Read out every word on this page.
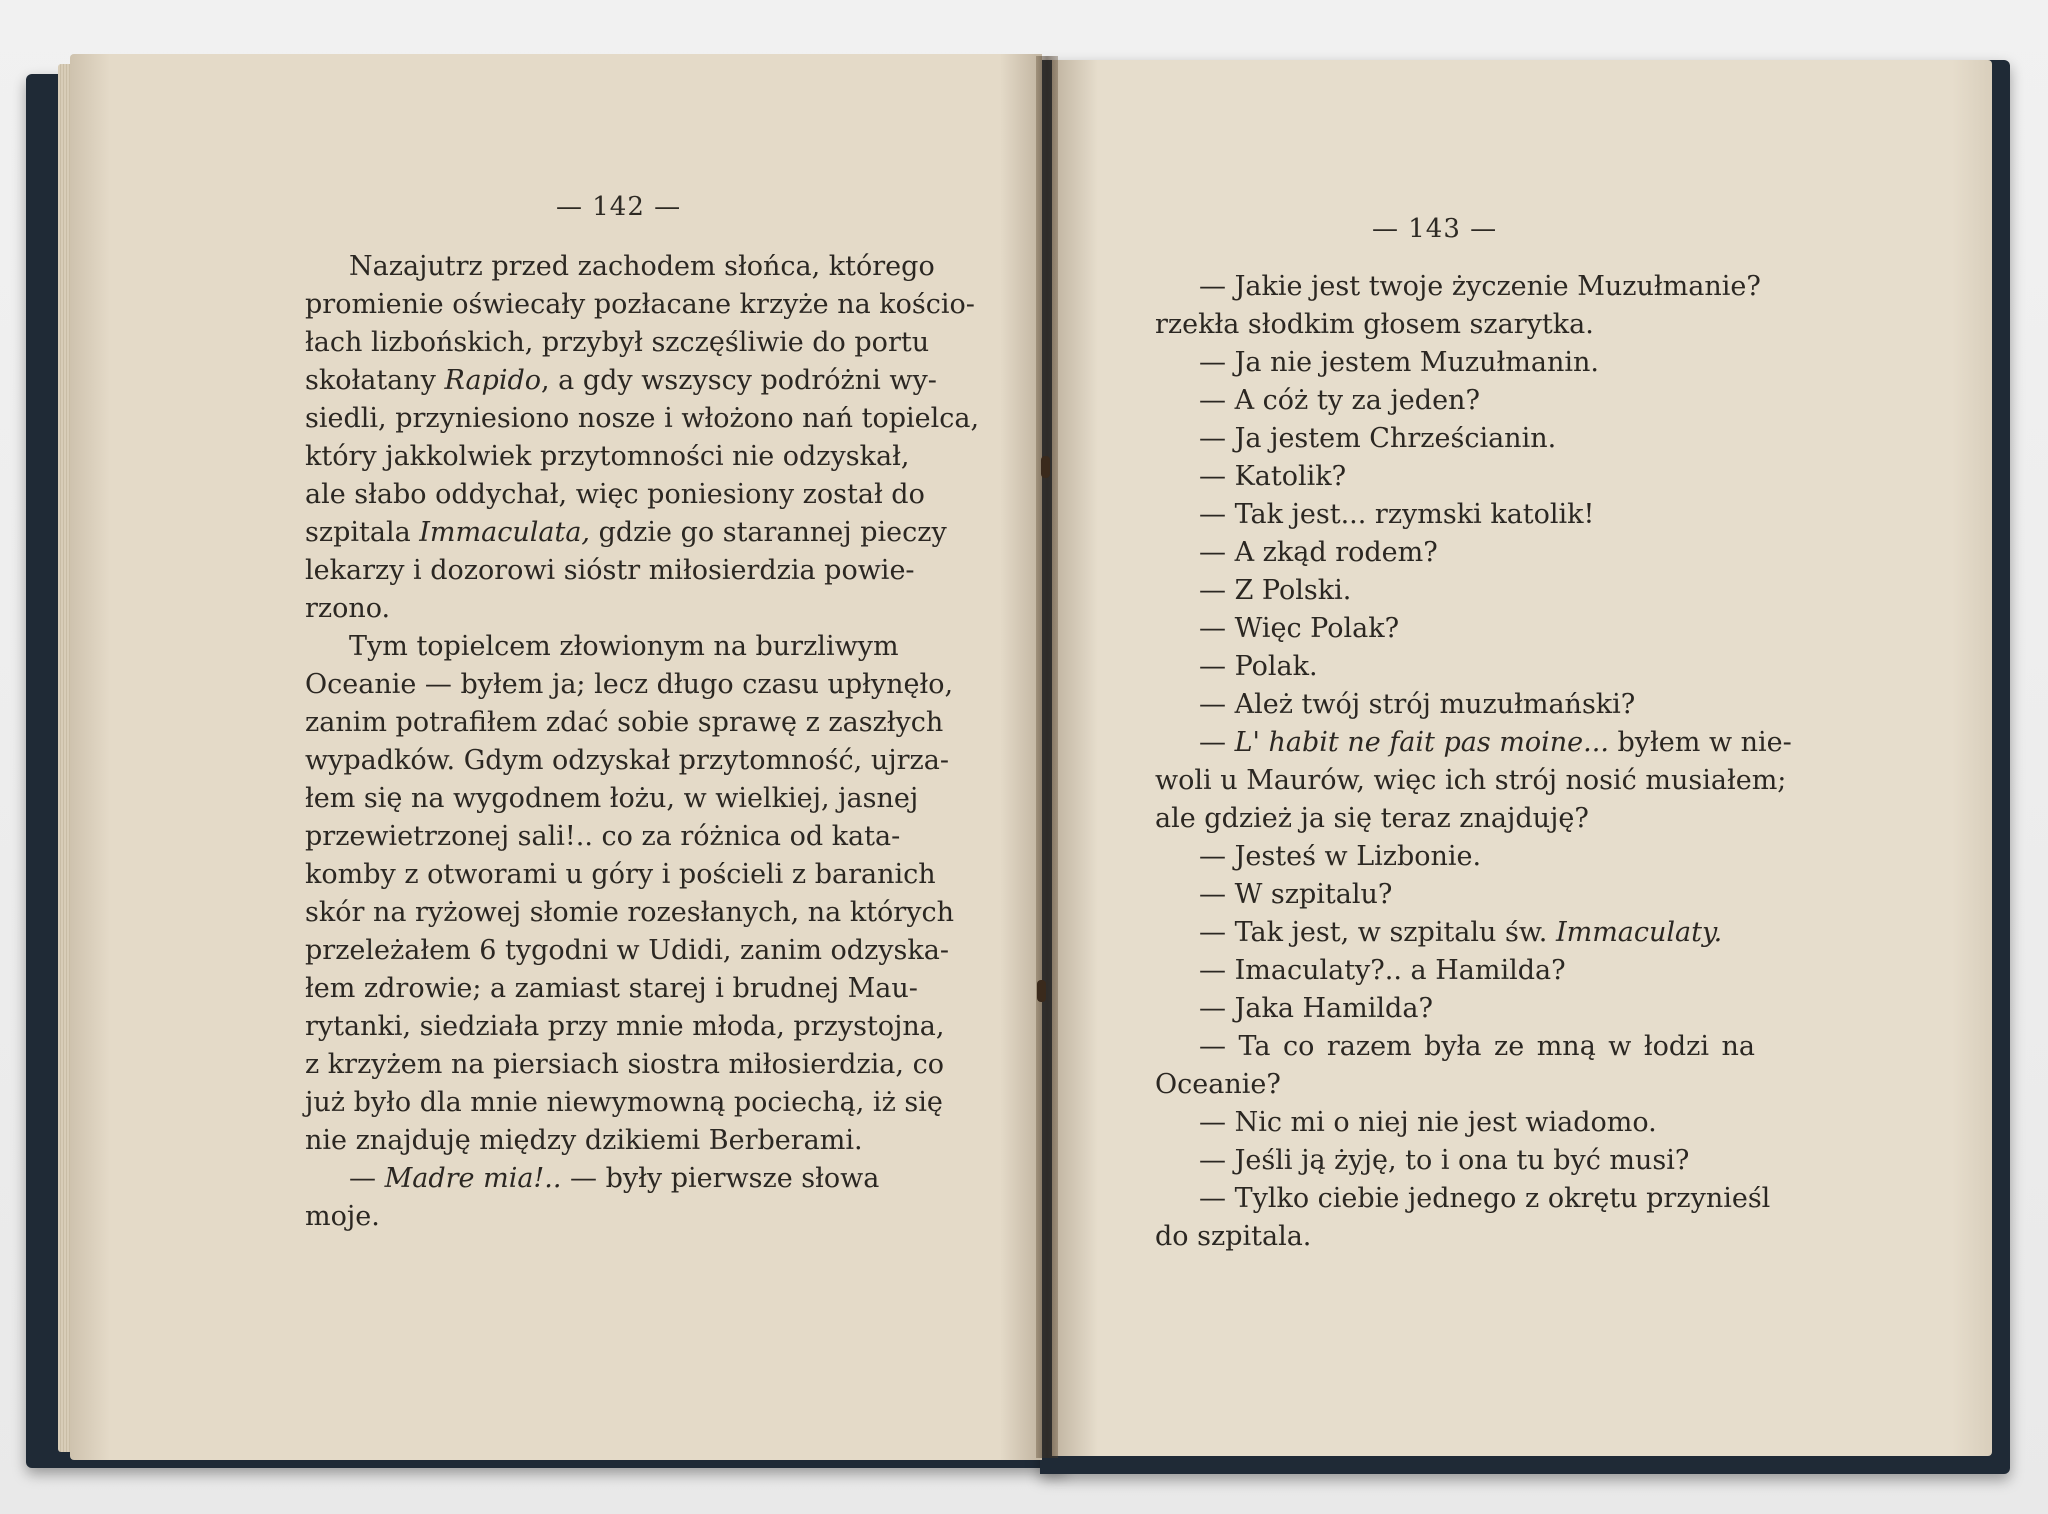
— 142 —
Nazajutrz przed zachodem słońca, którego
promienie oświecały pozłacane krzyże na kościo-
łach lizbońskich, przybył szczęśliwie do portu
skołatany Rapido, a gdy wszyscy podróżni wy-
siedli, przyniesiono nosze i włożono nań topielca,
który jakkolwiek przytomności nie odzyskał,
ale słabo oddychał, więc poniesiony został do
szpitala Immaculata, gdzie go starannej pieczy
lekarzy i dozorowi sióstr miłosierdzia powie-
rzono.
Tym topielcem złowionym na burzliwym
Oceanie — byłem ja; lecz długo czasu upłynęło,
zanim potrafiłem zdać sobie sprawę z zaszłych
wypadków. Gdym odzyskał przytomność, ujrza-
łem się na wygodnem łożu, w wielkiej, jasnej
przewietrzonej sali!.. co za różnica od kata-
komby z otworami u góry i pościeli z baranich
skór na ryżowej słomie rozesłanych, na których
przeleżałem 6 tygodni w Udidi, zanim odzyska-
łem zdrowie; a zamiast starej i brudnej Mau-
rytanki, siedziała przy mnie młoda, przystojna,
z krzyżem na piersiach siostra miłosierdzia, co
już było dla mnie niewymowną pociechą, iż się
nie znajduję między dzikiemi Berberami.
— Madre mia!.. — były pierwsze słowa
moje.
— 143 —
— Jakie jest twoje życzenie Muzułmanie?
rzekła słodkim głosem szarytka.
— Ja nie jestem Muzułmanin.
— A cóż ty za jeden?
— Ja jestem Chrześcianin.
— Katolik?
— Tak jest... rzymski katolik!
— A zkąd rodem?
— Z Polski.
— Więc Polak?
— Polak.
— Ależ twój strój muzułmański?
— L' habit ne fait pas moine... byłem w nie-
woli u Maurów, więc ich strój nosić musiałem;
ale gdzież ja się teraz znajduję?
— Jesteś w Lizbonie.
— W szpitalu?
— Tak jest, w szpitalu św. Immaculaty.
— Imaculaty?.. a Hamilda?
— Jaka Hamilda?
— Ta co razem była ze mną w łodzi na
Oceanie?
— Nic mi o niej nie jest wiadomo.
— Jeśli ją żyję, to i ona tu być musi?
— Tylko ciebie jednego z okrętu przynieśl
do szpitala.
